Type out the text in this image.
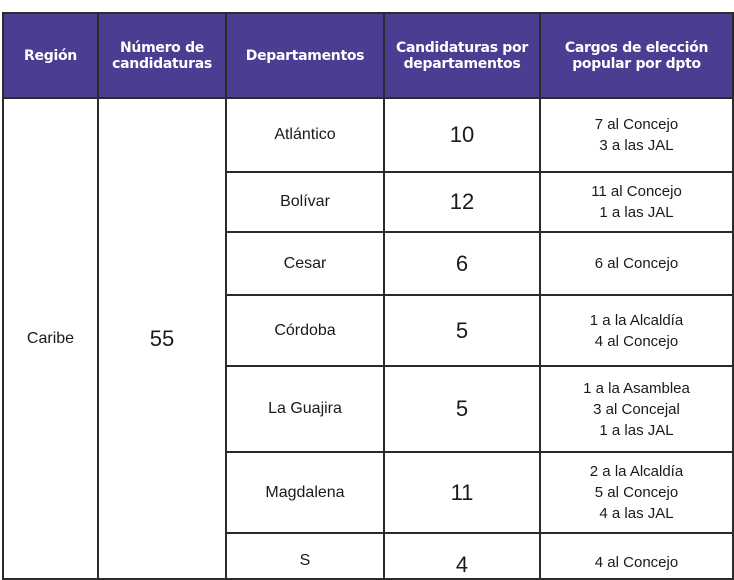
Región	Número de candidaturas	Departamentos	Candidaturas por departamentos	Cargos de elección popular por dpto
Caribe	55	Atlántico	10	7 al Concejo
3 a las JAL

		Bolívar	12	11 al Concejo
1 a las JAL

		Cesar	6	6 al Concejo

		Córdoba	5	1 a la Alcaldía
4 al Concejo

		La Guajira	5	1 a la Asamblea
3 al Concejal
1 a las JAL

		Magdalena	11	2 a la Alcaldía
5 al Concejo
4 a las JAL

		S	4	4 al Concejo
